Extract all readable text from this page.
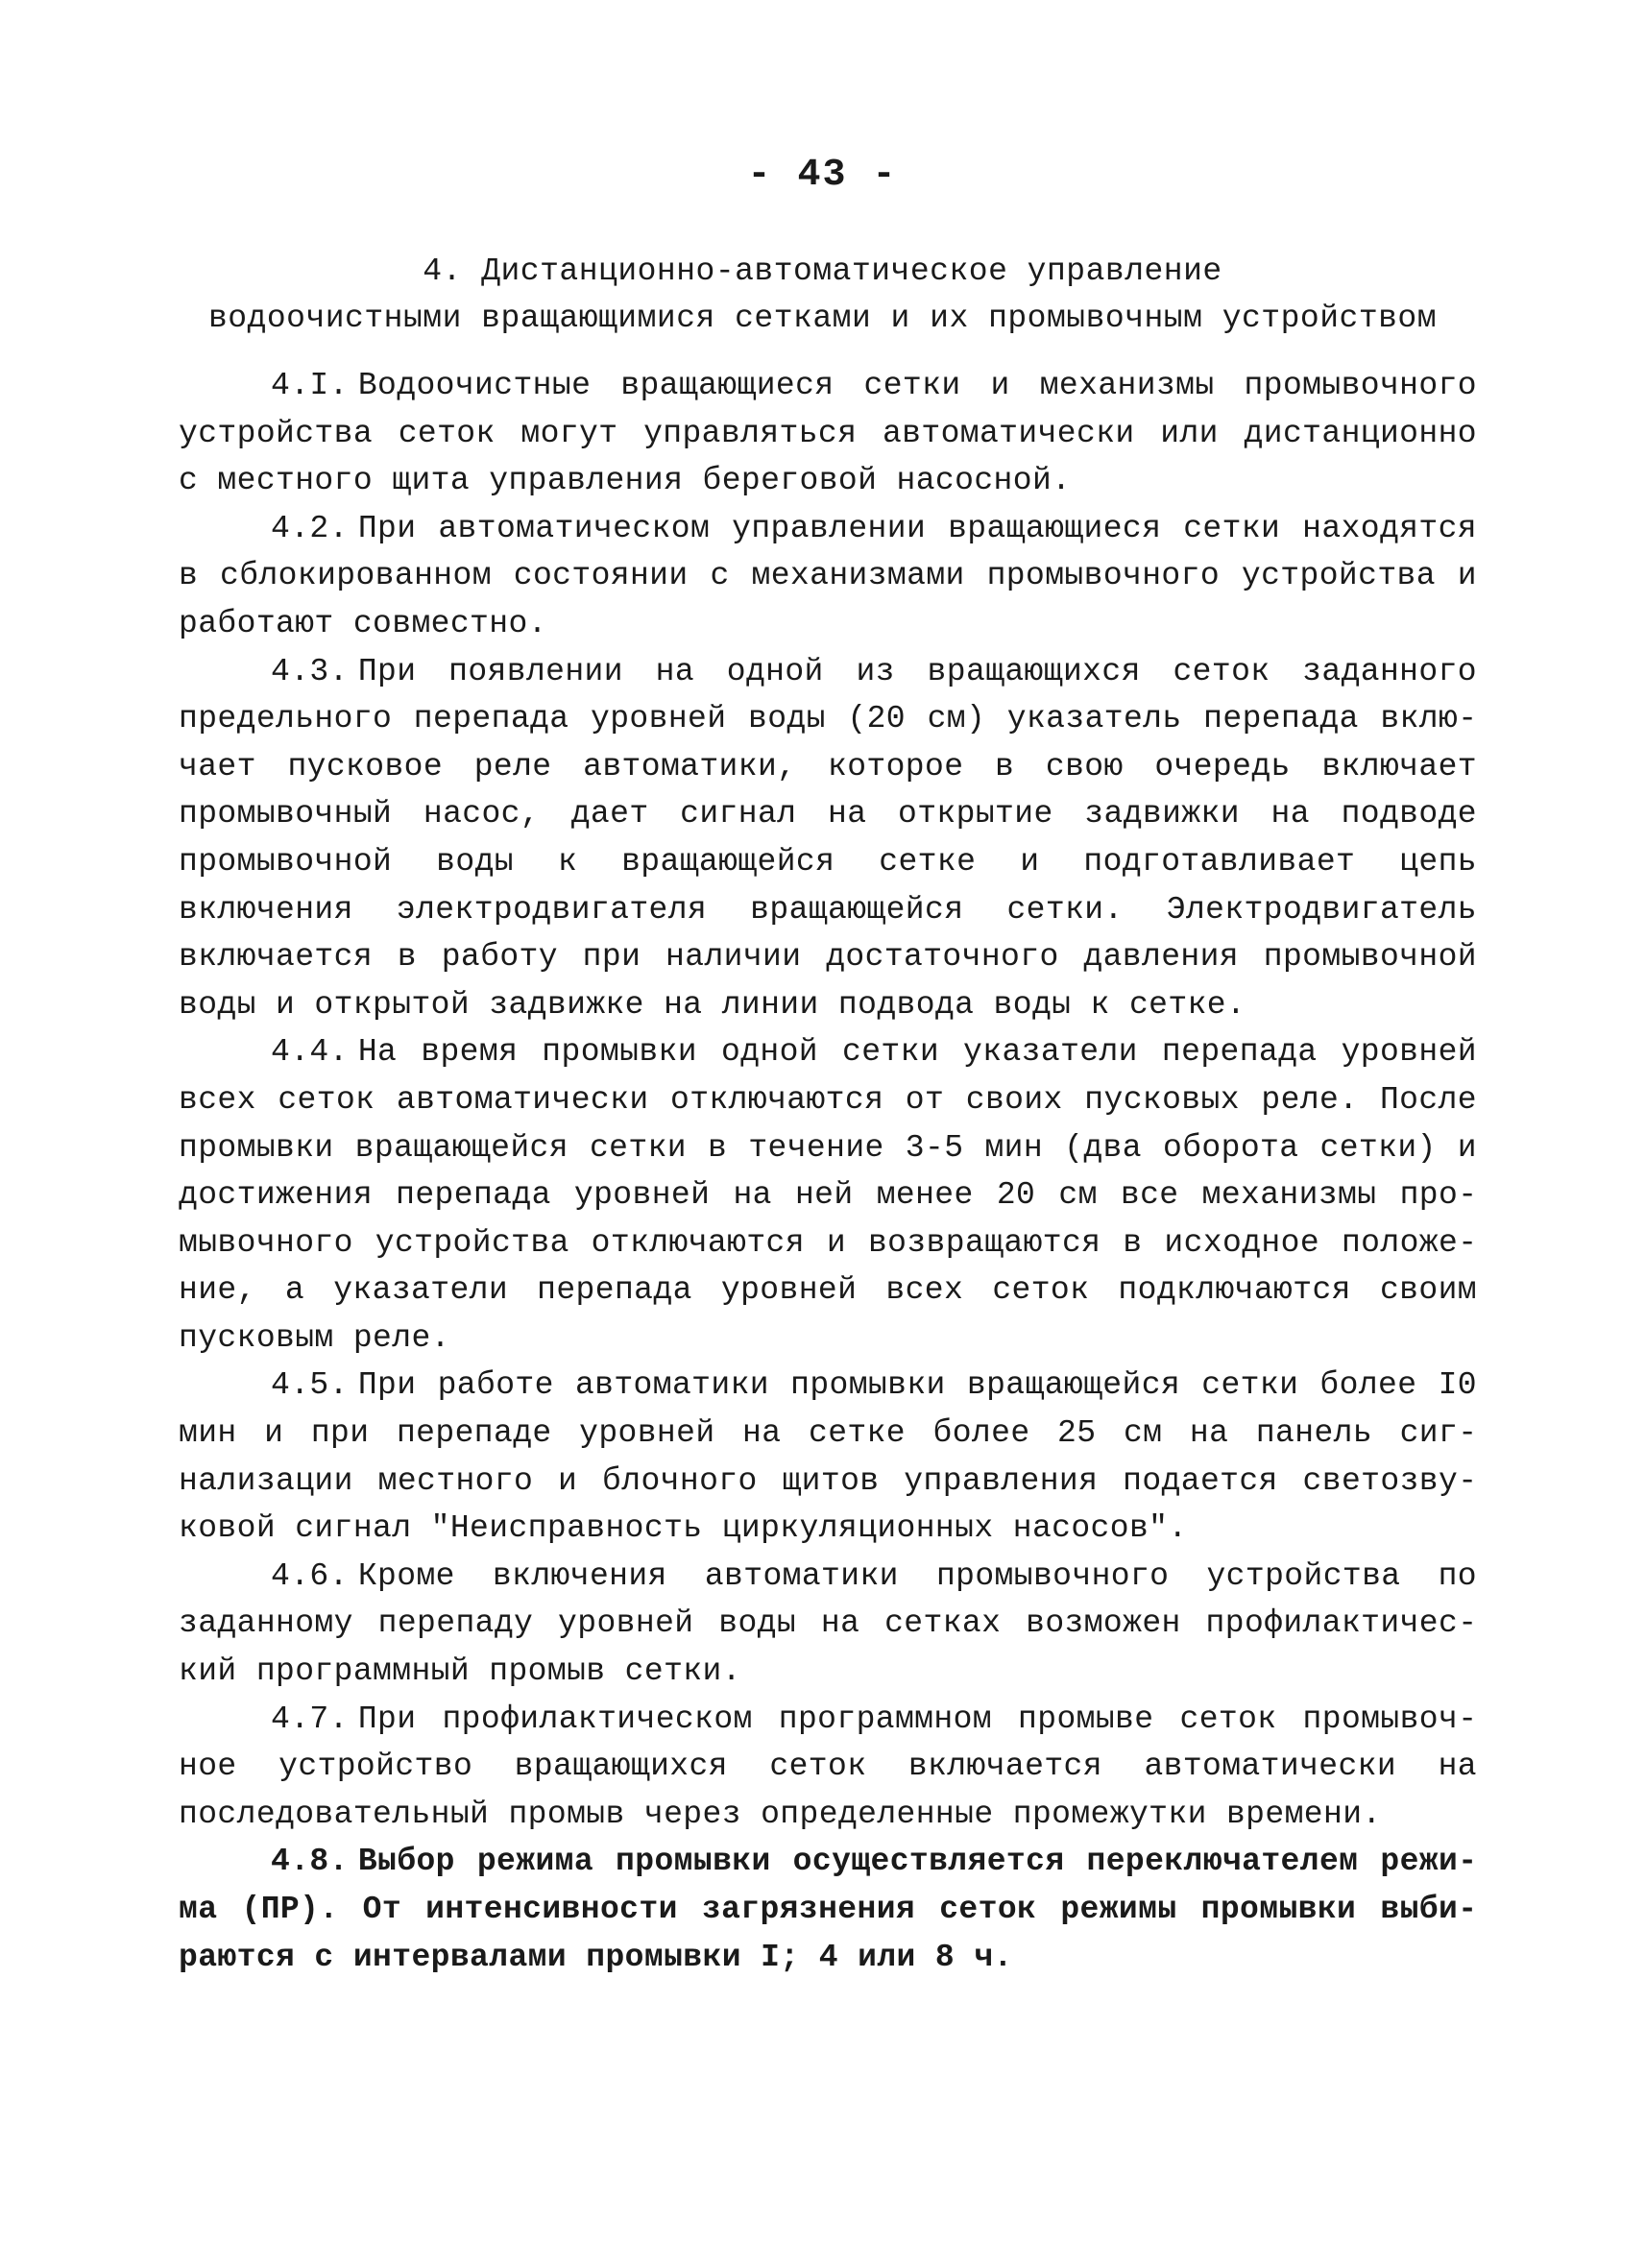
- 43 -
4. Дистанционно-автоматическое управление
водоочистными вращающимися сетками и их промывочным устройством

4.I. Водоочистные вращающиеся сетки и механизмы промывочного устройства сеток могут управляться автоматически или дистанционно с местного щита управления береговой насосной.

4.2. При автоматическом управлении вращающиеся сетки находятся в сблокированном состоянии с механизмами промывочного устройства и работают совместно.

4.3. При появлении на одной из вращающихся сеток заданного предельного перепада уровней воды (20 см) указатель перепада включает пусковое реле автоматики, которое в свою очередь включает промывочный насос, дает сигнал на открытие задвижки на подводе промывочной воды к вращающейся сетке и подготавливает цепь включения электродвигателя вращающейся сетки. Электродвигатель включается в работу при наличии достаточного давления промывочной воды и открытой задвижке на линии подвода воды к сетке.

4.4. На время промывки одной сетки указатели перепада уровней всех сеток автоматически отключаются от своих пусковых реле. После промывки вращающейся сетки в течение 3-5 мин (два оборота сетки) и достижения перепада уровней на ней менее 20 см все механизмы промывочного устройства отключаются и возвращаются в исходное положение, а указатели перепада уровней всех сеток подключаются своим пусковым реле.

4.5. При работе автоматики промывки вращающейся сетки более I0 мин и при перепаде уровней на сетке более 25 см на панель сигнализации местного и блочного щитов управления подается светозвуковой сигнал "Неисправность циркуляционных насосов".

4.6. Кроме включения автоматики промывочного устройства по заданному перепаду уровней воды на сетках возможен профилактический программный промыв сетки.

4.7. При профилактическом программном промыве сеток промывочное устройство вращающихся сеток включается автоматически на последовательный промыв через определенные промежутки времени.

4.8. Выбор режима промывки осуществляется переключателем режима (ПР). От интенсивности загрязнения сеток режимы промывки выбираются с интервалами промывки I; 4 или 8 ч.
